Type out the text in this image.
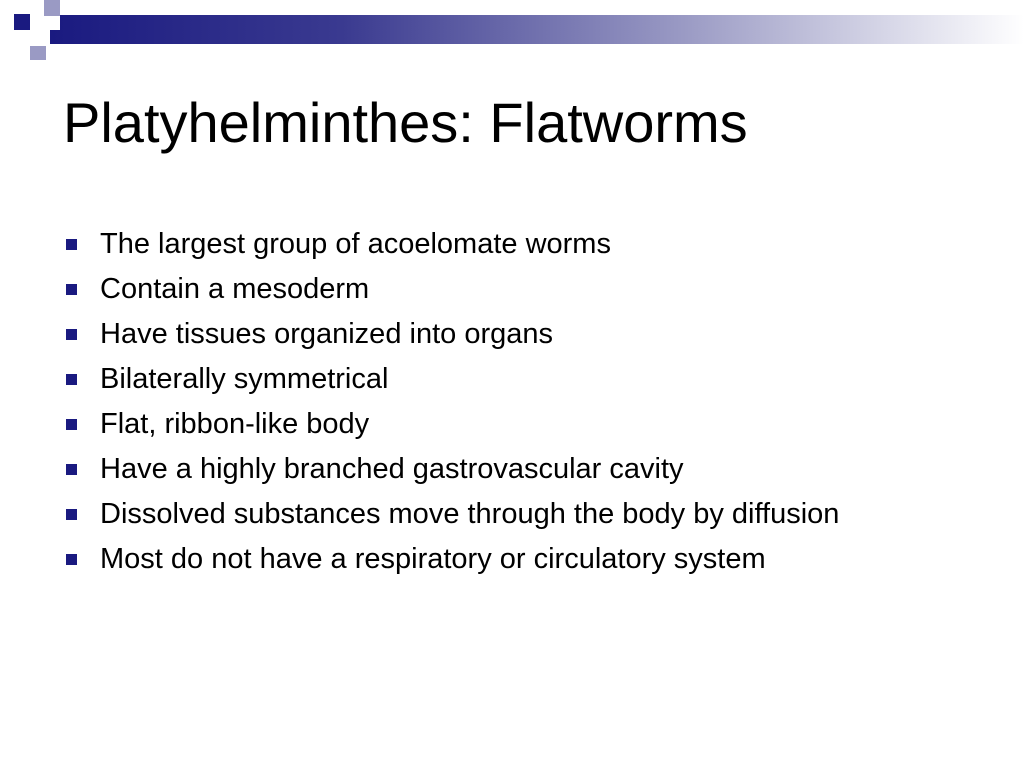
Platyhelminthes: Flatworms
The largest group of acoelomate worms
Contain a mesoderm
Have tissues organized into organs
Bilaterally symmetrical
Flat, ribbon-like body
Have a highly branched gastrovascular cavity
Dissolved substances move through the body by diffusion
Most do not have a respiratory or circulatory system
